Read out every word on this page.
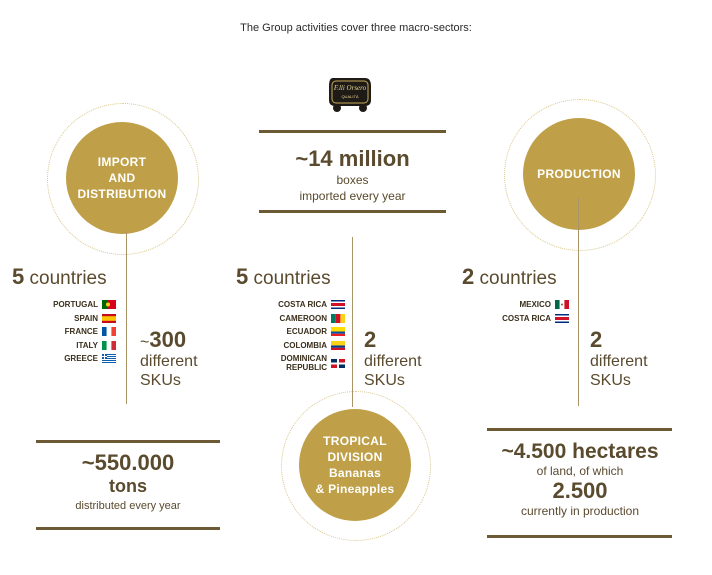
The Group activities cover three macro-sectors:
F.lli Orsero
QUALITÀ
IMPORT
AND
DISTRIBUTION
5 countries
PORTUGAL
SPAIN
FRANCE
ITALY
GREECE
~300
different
SKUs
~550.000
tons
distributed every year
~14 million
boxes
imported every year
5 countries
COSTA RICA
CAMEROON
ECUADOR
COLOMBIA
DOMINICAN
REPUBLIC
2
different
SKUs
TROPICAL
DIVISION
Bananas
& Pineapples
PRODUCTION
2 countries
MEXICO
COSTA RICA
2
different
SKUs
~4.500 hectares
of land, of which
2.500
currently in production
